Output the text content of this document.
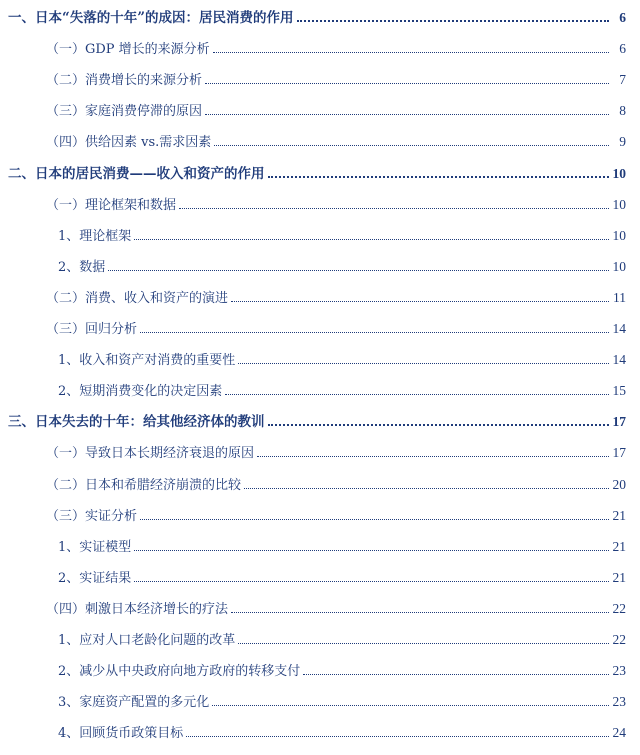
一、日本“失落的十年”的成因：居民消费的作用	6
（一）GDP 增长的来源分析	6
（二）消费增长的来源分析	7
（三）家庭消费停滞的原因	8
（四）供给因素 vs.需求因素	9
二、日本的居民消费——收入和资产的作用	10
（一）理论框架和数据	10
1、理论框架	10
2、数据	10
（二）消费、收入和资产的演进	11
（三）回归分析	14
1、收入和资产对消费的重要性	14
2、短期消费变化的决定因素	15
三、日本失去的十年：给其他经济体的教训	17
（一）导致日本长期经济衰退的原因	17
（二）日本和希腊经济崩溃的比较	20
（三）实证分析	21
1、实证模型	21
2、实证结果	21
（四）刺激日本经济增长的疗法	22
1、应对人口老龄化问题的改革	22
2、减少从中央政府向地方政府的转移支付	23
3、家庭资产配置的多元化	23
4、回顾货币政策目标	24
